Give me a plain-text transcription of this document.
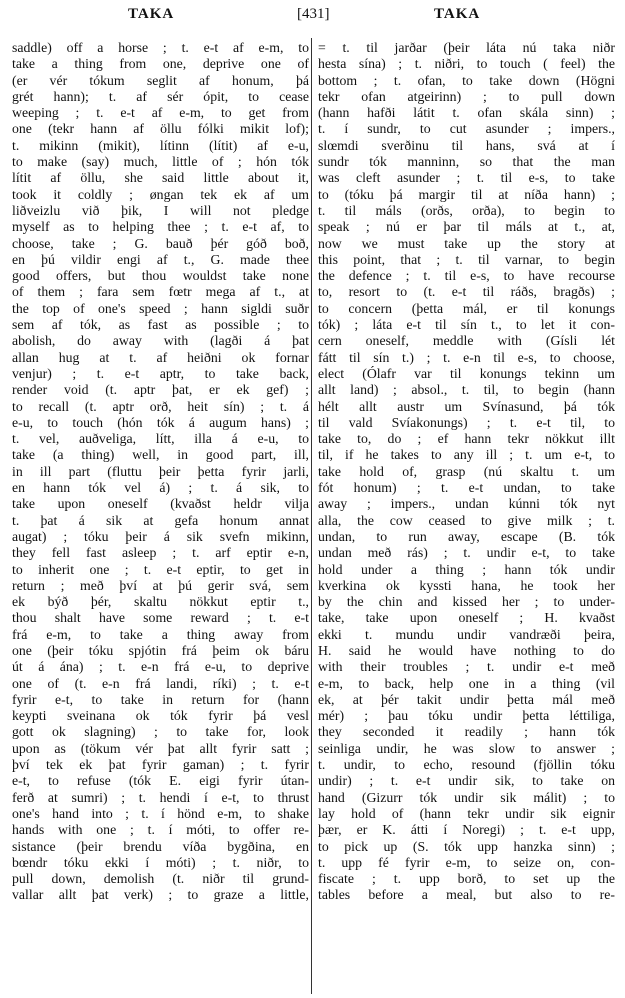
TAKA	[431]	TAKA
saddle) off a horse ; t. e-t af e-m, to
take a thing from one, deprive one of
(er vér tókum seglit af honum, þá
grét hann); t. af sér ópit, to cease
weeping ; t. e-t af e-m, to get from
one (tekr hann af öllu fólki mikit lof);
t. mikinn (mikit), lítinn (lítit) af e-u,
to make (say) much, little of ; hón tók
lítit af öllu, she said little about it,
took it coldly ; øngan tek ek af um
liðveizlu við þik, I will not pledge
myself as to helping thee ; t. e-t af, to
choose, take ; G. bauð þér góð boð,
en þú vildir engi af t., G. made thee
good offers, but thou wouldst take none
of them ; fara sem fœtr mega af t., at
the top of one's speed ; hann sigldi suðr
sem af tók, as fast as possible ; to
abolish, do away with (lagði á þat
allan hug at t. af heiðni ok fornar
venjur) ; t. e-t aptr, to take back,
render void (t. aptr þat, er ek gef) ;
to recall (t. aptr orð, heit sín) ; t. á
e-u, to touch (hón tók á augum hans) ;
t. vel, auðveliga, lítt, illa á e-u, to
take (a thing) well, in good part, ill,
in ill part (fluttu þeir þetta fyrir jarli,
en hann tók vel á) ; t. á sik, to
take upon oneself (kvaðst heldr vilja
t. þat á sik at gefa honum annat
augat) ; tóku þeir á sik svefn mikinn,
they fell fast asleep ; t. arf eptir e-n,
to inherit one ; t. e-t eptir, to get in
return ; með því at þú gerir svá, sem
ek býð þér, skaltu nökkut eptir t.,
thou shalt have some reward ; t. e-t
frá e-m, to take a thing away from
one (þeir tóku spjótin frá þeim ok báru
út á ána) ; t. e-n frá e-u, to deprive
one of (t. e-n frá landi, ríki) ; t. e-t
fyrir e-t, to take in return for (hann
keypti sveinana ok tók fyrir þá vesl
gott ok slagning) ; to take for, look
upon as (tökum vér þat allt fyrir satt ;
því tek ek þat fyrir gaman) ; t. fyrir
e-t, to refuse (tók E. eigi fyrir útan-
ferð at sumri) ; t. hendi í e-t, to thrust
one's hand into ; t. í hönd e-m, to shake
hands with one ; t. í móti, to offer re-
sistance (þeir brendu víða bygðina, en
bœndr tóku ekki í móti) ; t. niðr, to
pull down, demolish (t. niðr til grund-
vallar allt þat verk) ; to graze a little,
= t. til jarðar (þeir láta nú taka niðr
hesta sína) ; t. niðri, to touch ( feel) the
bottom ; t. ofan, to take down (Högni
tekr ofan atgeirinn) ; to pull down
(hann hafði látit t. ofan skála sinn) ;
t. í sundr, to cut asunder ; impers.,
slœmdi sverðinu til hans, svá at í
sundr tók manninn, so that the man
was cleft asunder ; t. til e-s, to take
to (tóku þá margir til at níða hann) ;
t. til máls (orðs, orða), to begin to
speak ; nú er þar til máls at t., at,
now we must take up the story at
this point, that ; t. til varnar, to begin
the defence ; t. til e-s, to have recourse
to, resort to (t. e-t til ráðs, bragðs) ;
to concern (þetta mál, er til konungs
tók) ; láta e-t til sín t., to let it con-
cern oneself, meddle with (Gísli lét
fátt til sín t.) ; t. e-n til e-s, to choose,
elect (Ólafr var til konungs tekinn um
allt land) ; absol., t. til, to begin (hann
hélt allt austr um Svínasund, þá tók
til vald Svíakonungs) ; t. e-t til, to
take to, do ; ef hann tekr nökkut illt
til, if he takes to any ill ; t. um e-t, to
take hold of, grasp (nú skaltu t. um
fót honum) ; t. e-t undan, to take
away ; impers., undan kúnni tók nyt
alla, the cow ceased to give milk ; t.
undan, to run away, escape (B. tók
undan með rás) ; t. undir e-t, to take
hold under a thing ; hann tók undir
kverkina ok kyssti hana, he took her
by the chin and kissed her ; to under-
take, take upon oneself ; H. kvaðst
ekki t. mundu undir vandræði þeira,
H. said he would have nothing to do
with their troubles ; t. undir e-t með
e-m, to back, help one in a thing (vil
ek, at þér takit undir þetta mál með
mér) ; þau tóku undir þetta léttiliga,
they seconded it readily ; hann tók
seinliga undir, he was slow to answer ;
t. undir, to echo, resound (fjöllin tóku
undir) ; t. e-t undir sik, to take on
hand (Gizurr tók undir sik málit) ; to
lay hold of (hann tekr undir sik eignir
þær, er K. átti í Noregi) ; t. e-t upp,
to pick up (S. tók upp hanzka sinn) ;
t. upp fé fyrir e-m, to seize on, con-
fiscate ; t. upp borð, to set up the
tables before a meal, but also to re-
